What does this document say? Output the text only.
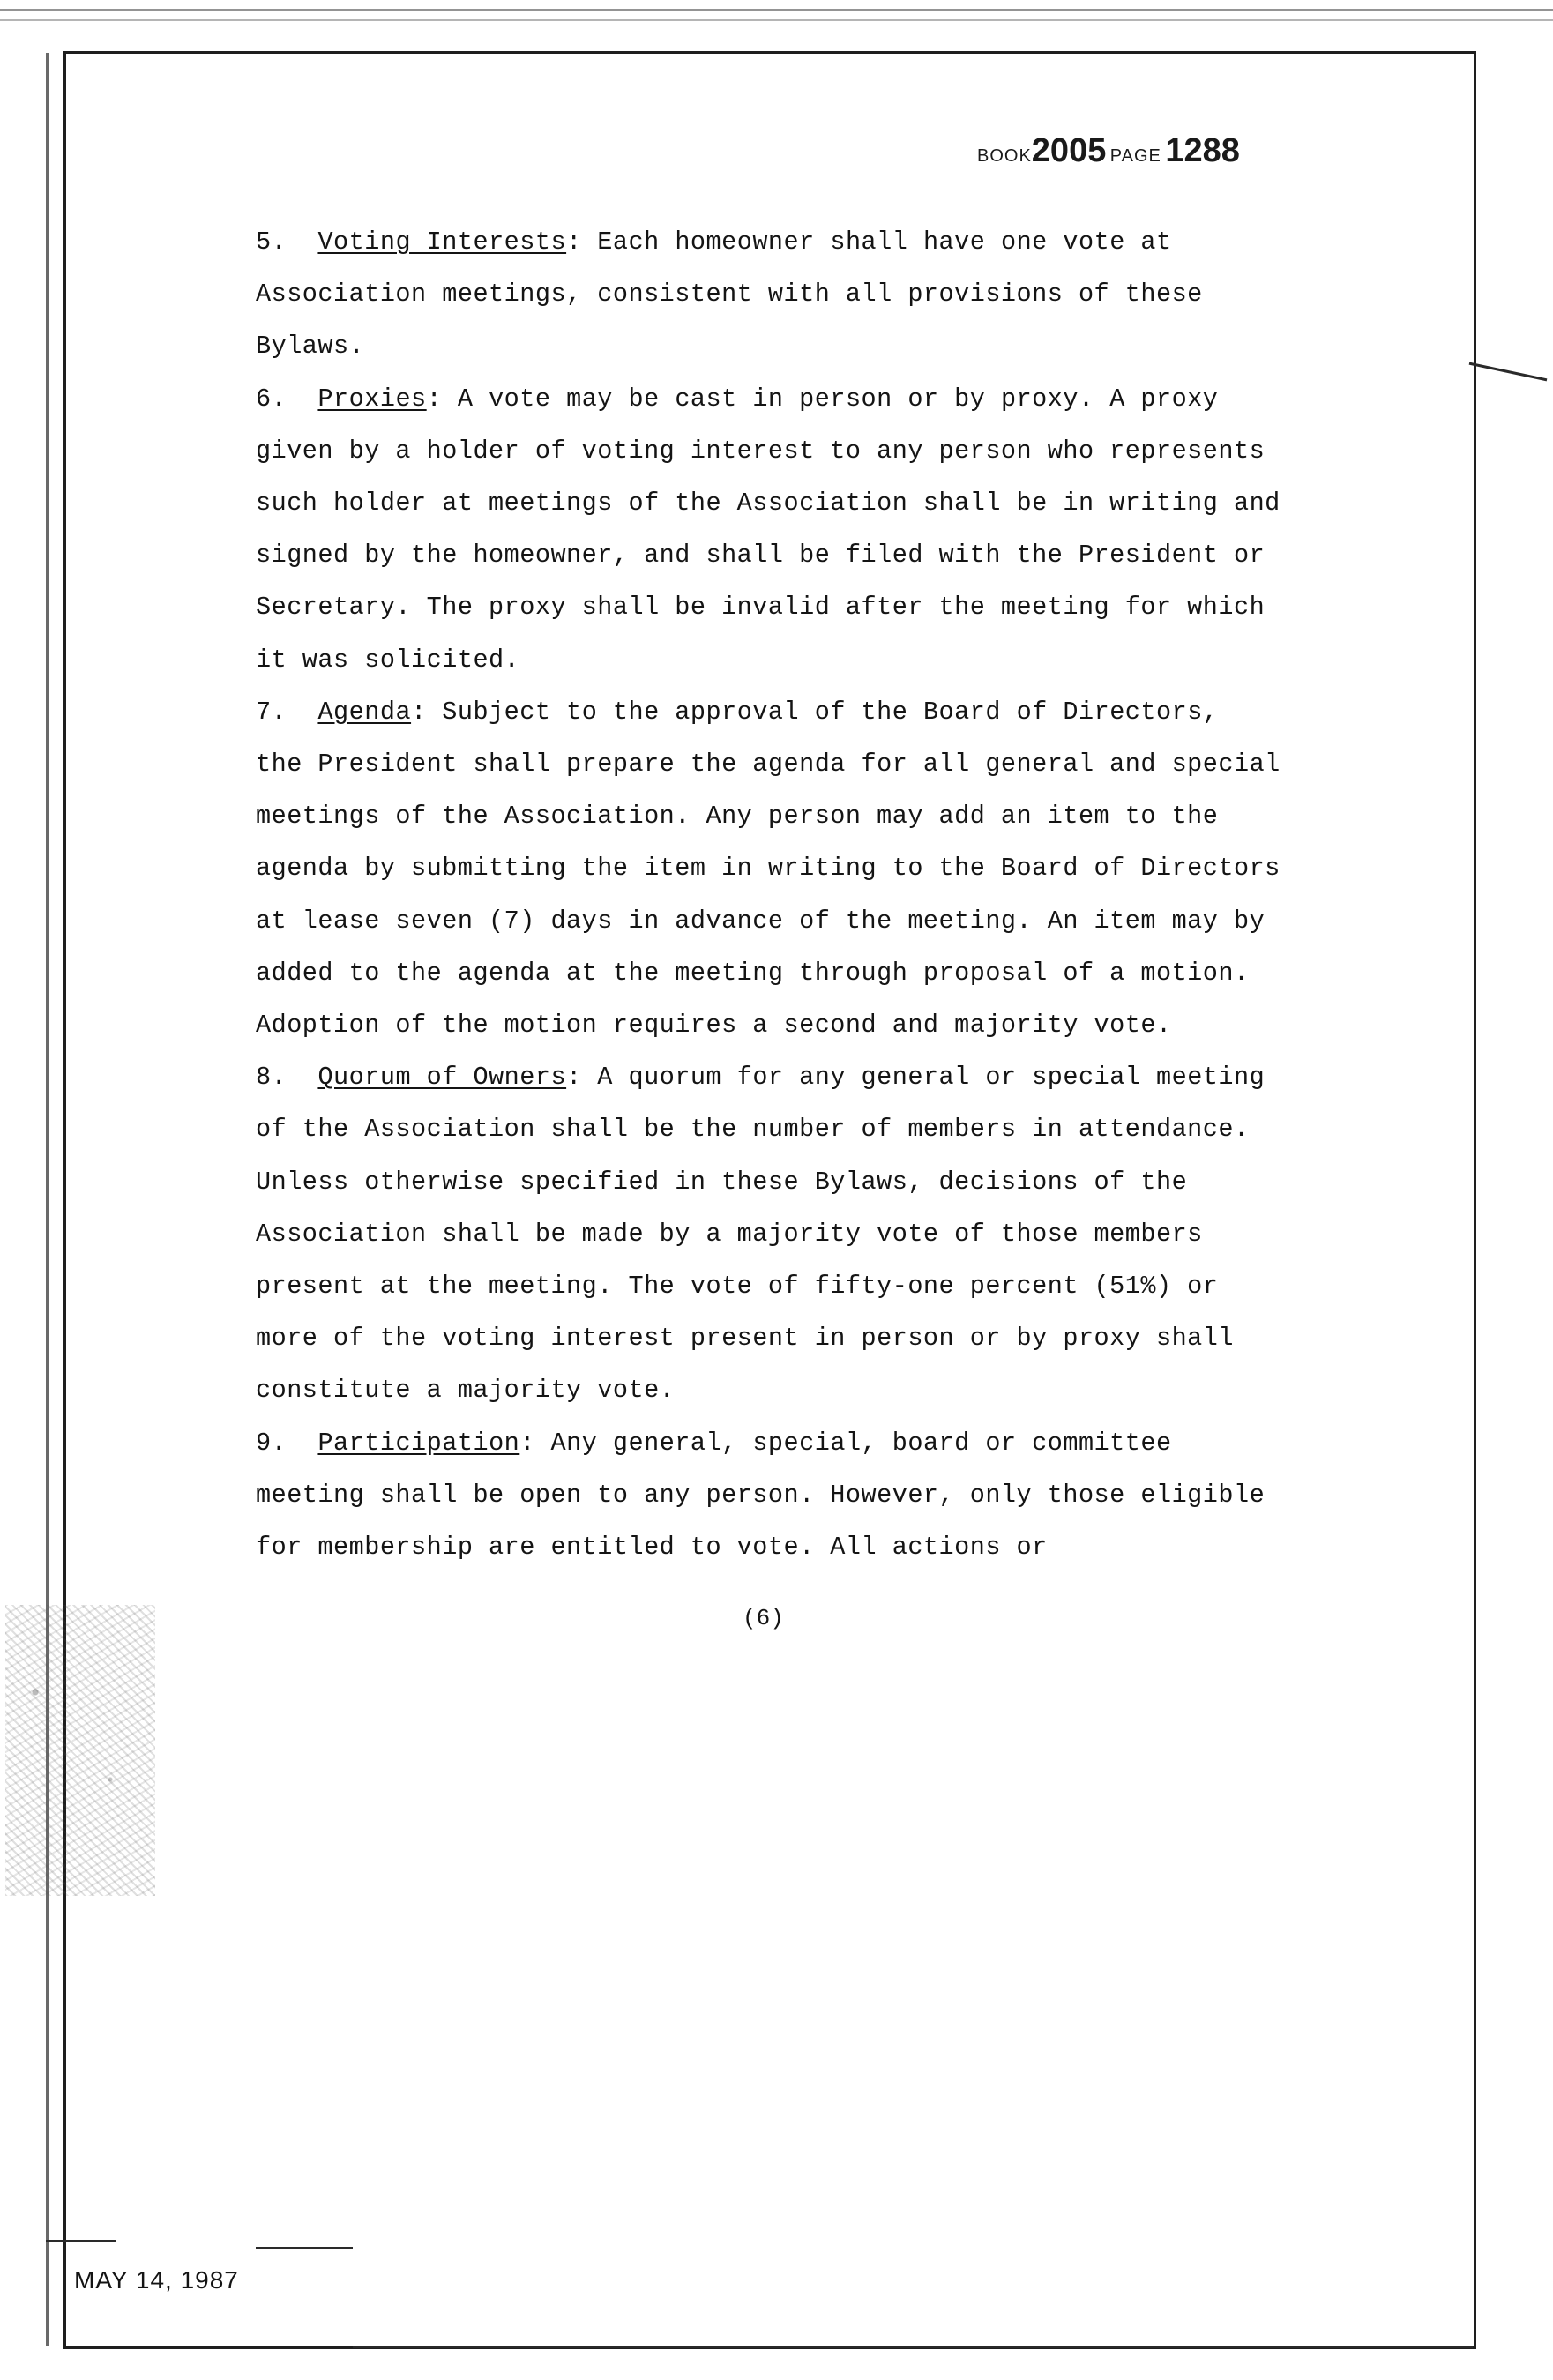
BOOK2005 PAGE 1288
5. Voting Interests: Each homeowner shall have one vote at
Association meetings, consistent with all provisions of these
Bylaws.
6. Proxies: A vote may be cast in person or by proxy. A proxy
given by a holder of voting interest to any person who represents
such holder at meetings of the Association shall be in writing and
signed by the homeowner, and shall be filed with the President or
Secretary. The proxy shall be invalid after the meeting for which
it was solicited.
7. Agenda: Subject to the approval of the Board of Directors,
the President shall prepare the agenda for all general and special
meetings of the Association. Any person may add an item to the
agenda by submitting the item in writing to the Board of Directors
at lease seven (7) days in advance of the meeting. An item may by
added to the agenda at the meeting through proposal of a motion.
Adoption of the motion requires a second and majority vote.
8. Quorum of Owners: A quorum for any general or special meeting
of the Association shall be the number of members in attendance.
Unless otherwise specified in these Bylaws, decisions of the
Association shall be made by a majority vote of those members
present at the meeting. The vote of fifty-one percent (51%) or
more of the voting interest present in person or by proxy shall
constitute a majority vote.
9. Participation: Any general, special, board or committee
meeting shall be open to any person. However, only those eligible
for membership are entitled to vote. All actions or
(6)
MAY 14, 1987
